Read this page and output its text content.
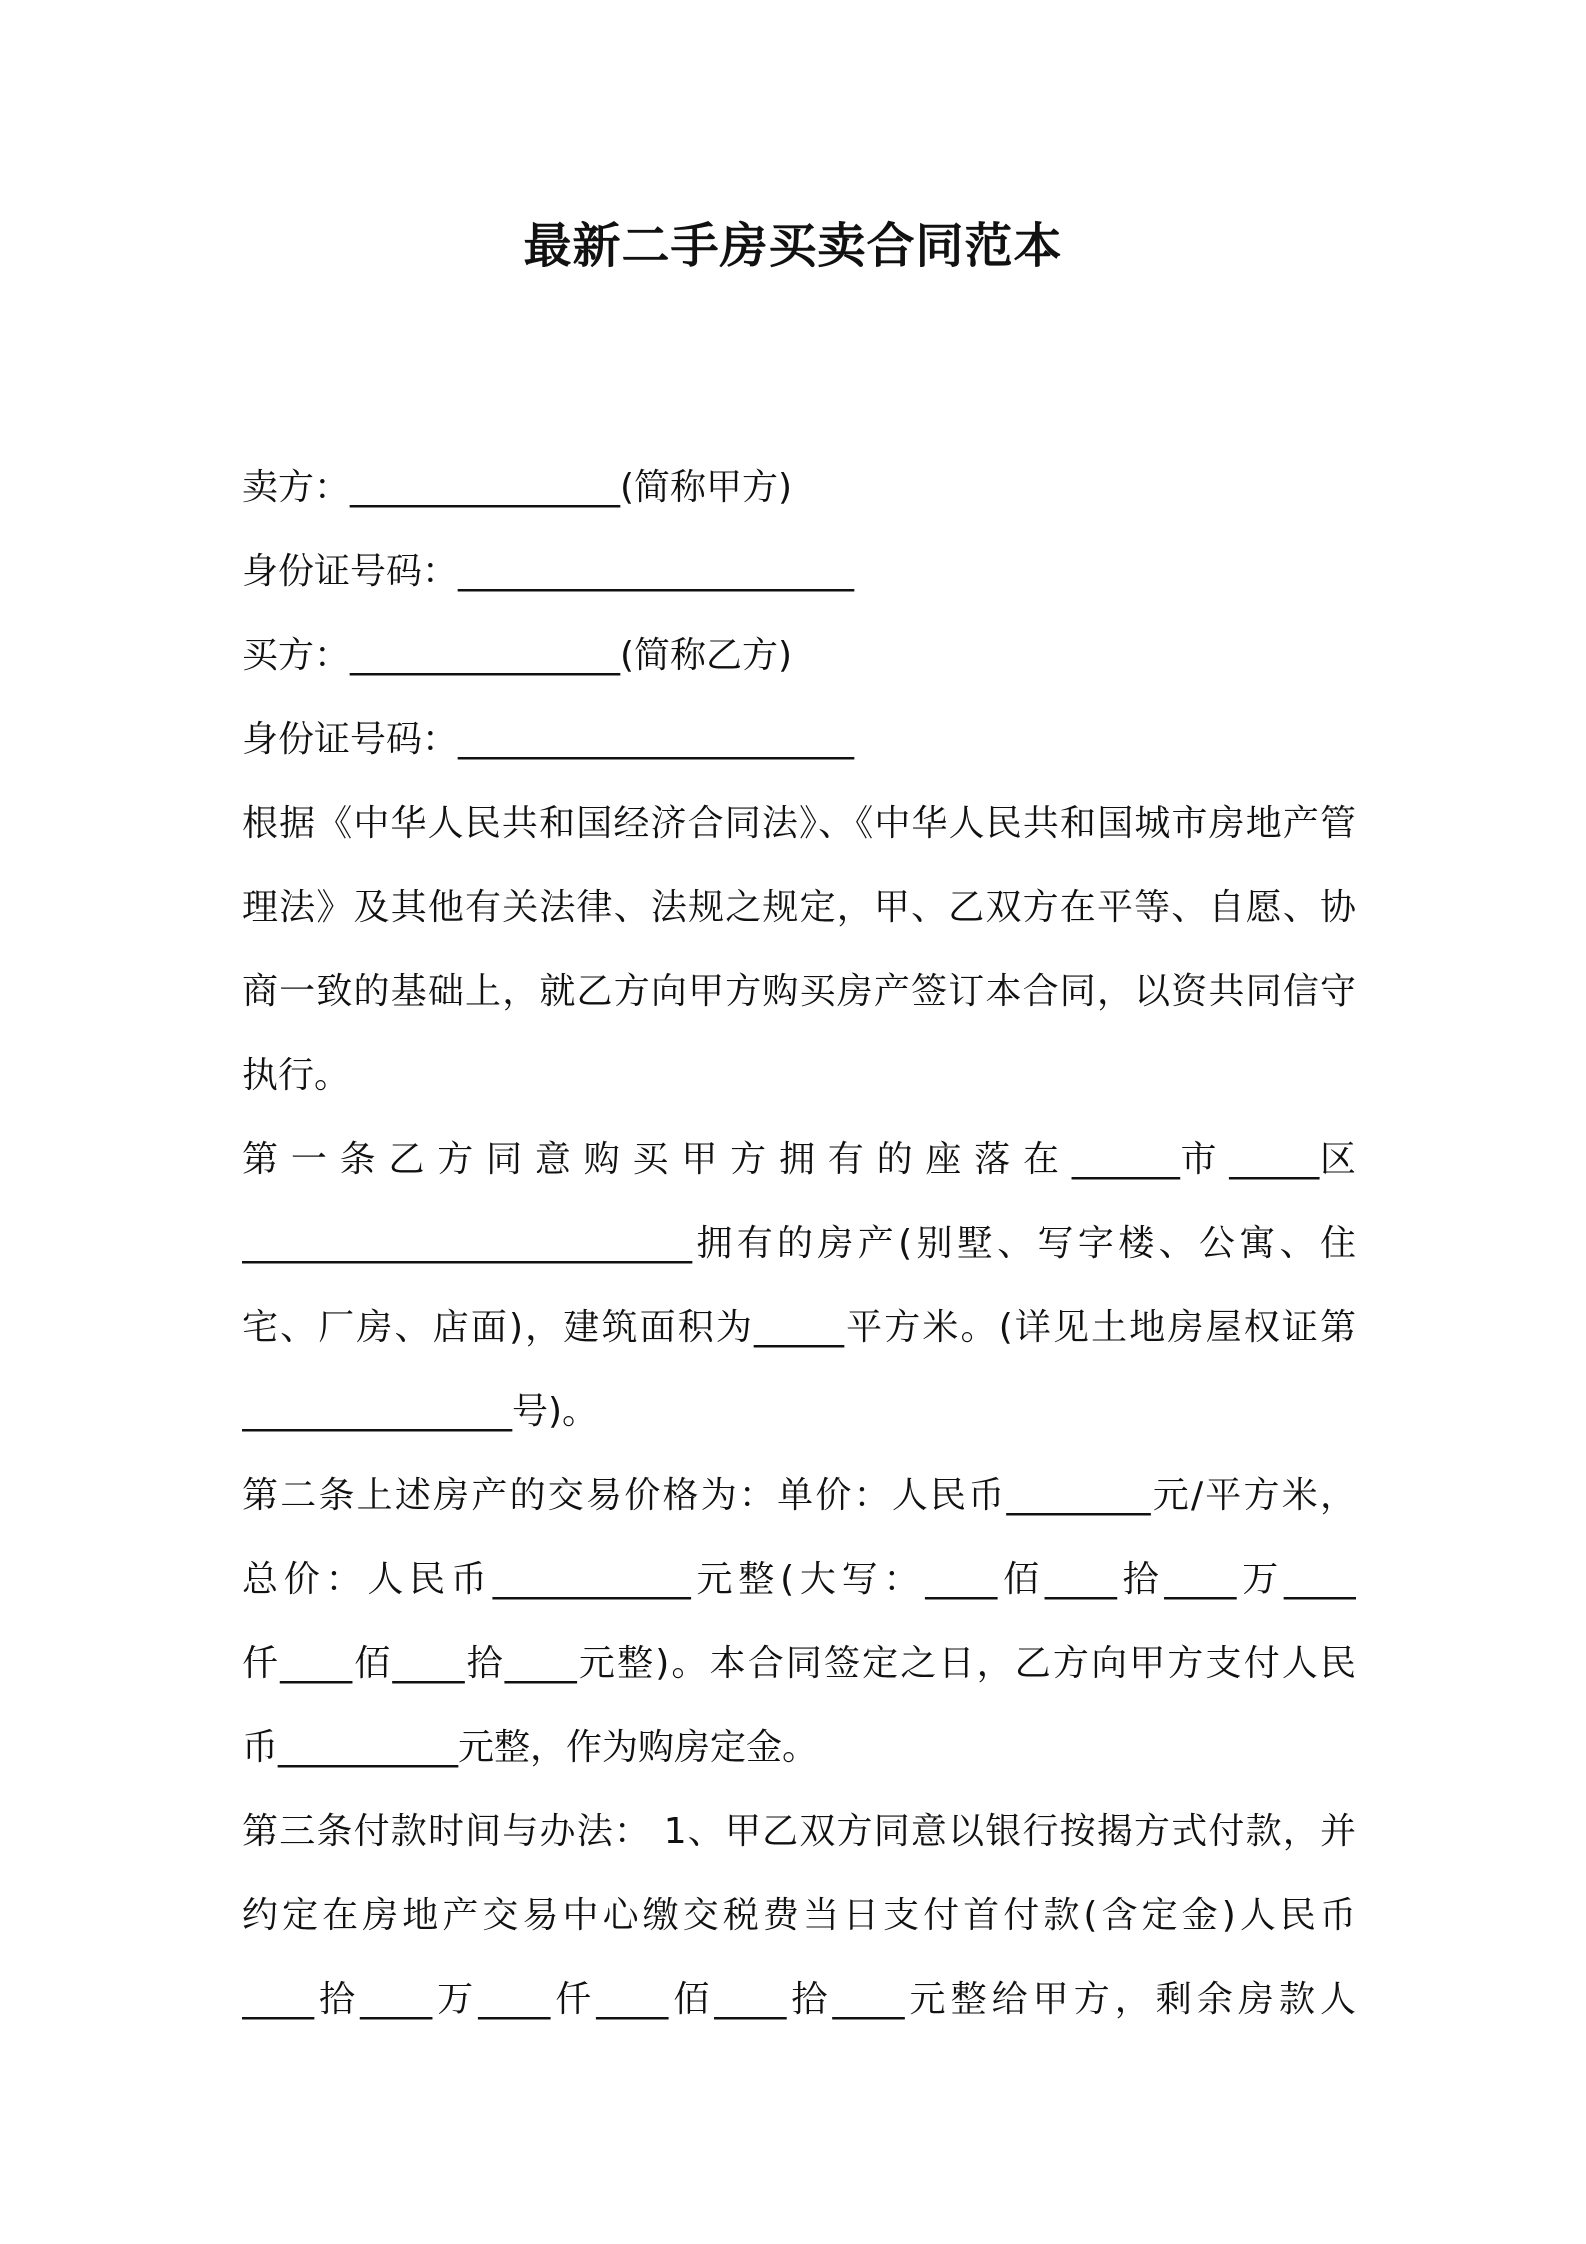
最新二手房买卖合同范本
卖方：_______________(简称甲方)
身份证号码：______________________
买方：_______________(简称乙方)
身份证号码：______________________
根据《中华人民共和国经济合同法》、《中华人民共和国城市房地产管
理法》及其他有关法律、法规之规定，甲、乙双方在平等、自愿、协
商一致的基础上，就乙方向甲方购买房产签订本合同，以资共同信守
执行。
第 一 条 乙 方 同 意 购 买 甲 方 拥 有 的 座 落 在 ______市 _____区
_________________________拥有的房产(别墅、写字楼、公寓、住
宅、厂房、店面)，建筑面积为_____平方米。(详见土地房屋权证第
_______________号)。
第二条上述房产的交易价格为：单价：人民币________元/平方米，
总价：人民币___________元整(大写：____佰____拾____万____
仟____佰____拾____元整)。本合同签定之日，乙方向甲方支付人民
币__________元整，作为购房定金。
第三条付款时间与办法： 1、甲乙双方同意以银行按揭方式付款，并
约定在房地产交易中心缴交税费当日支付首付款(含定金)人民币
____拾____万____仟____佰____拾____元整给甲方，剩余房款人
